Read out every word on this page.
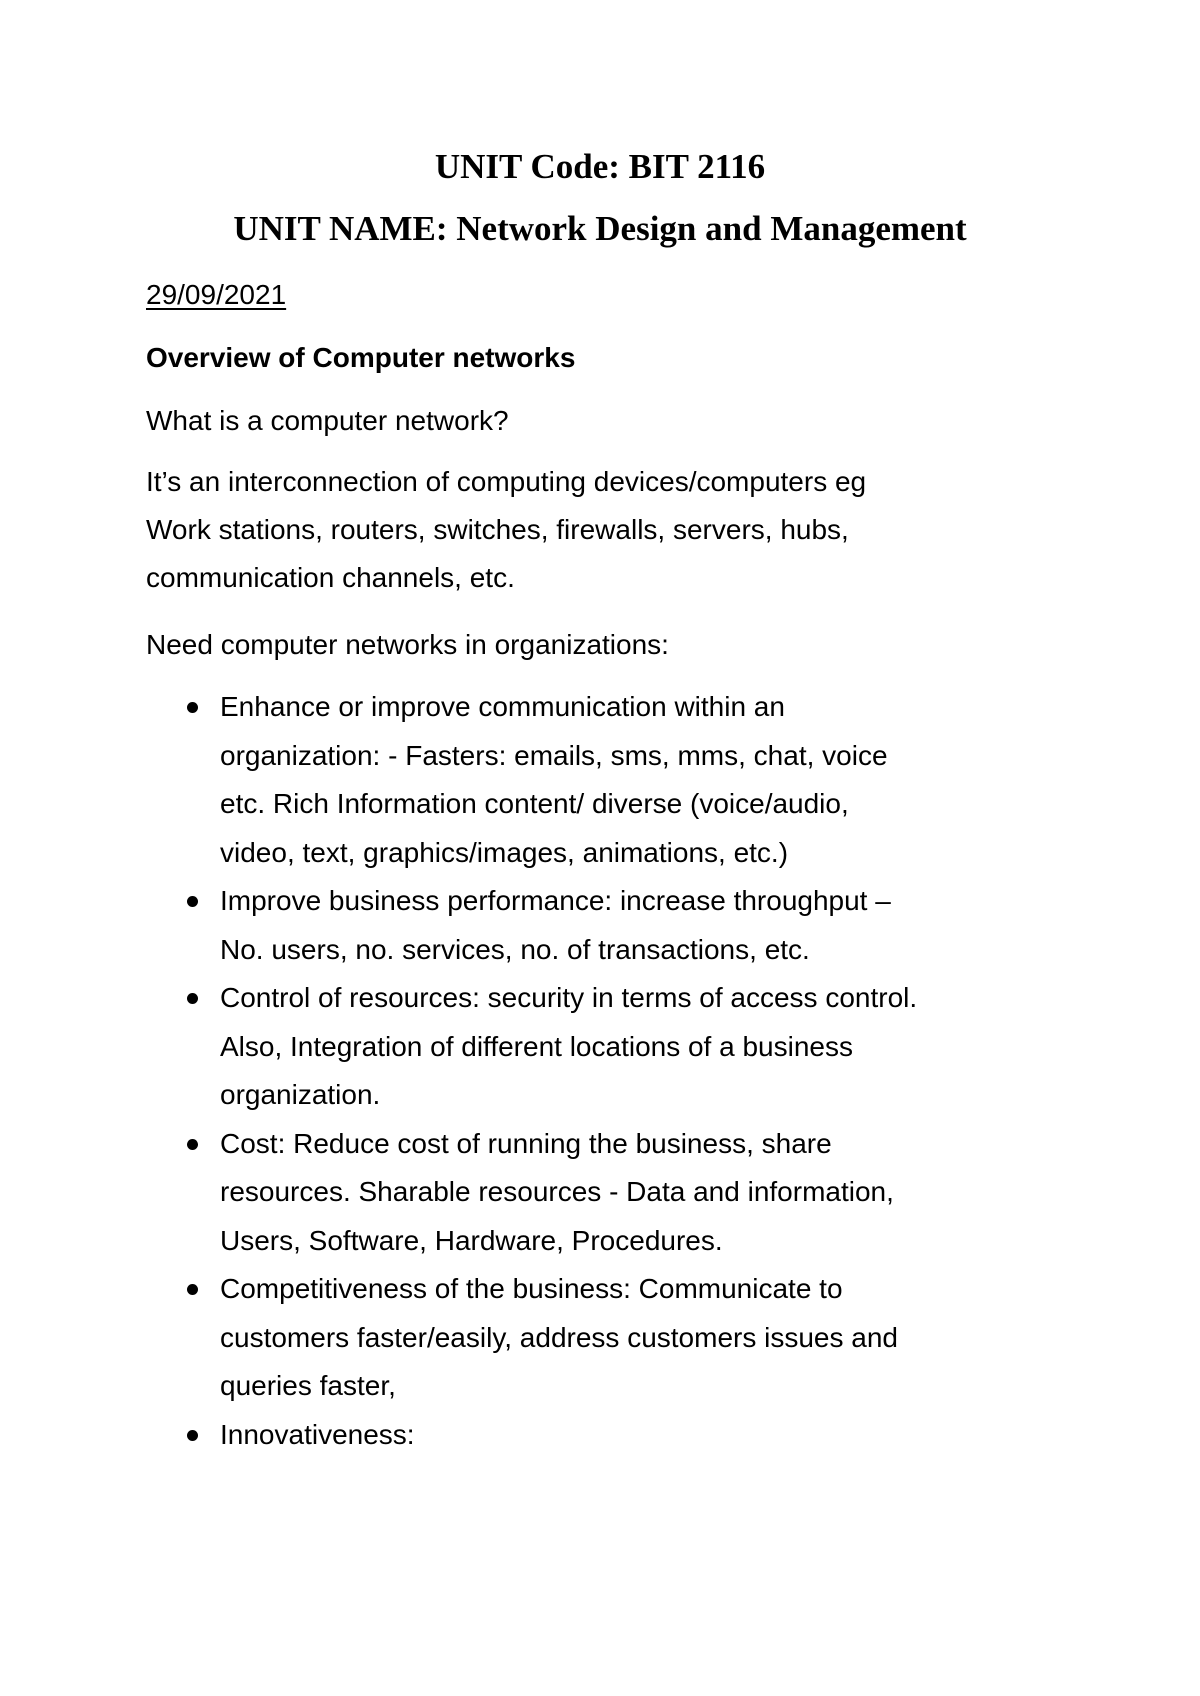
UNIT Code: BIT 2116
UNIT NAME: Network Design and Management
29/09/2021
Overview of Computer networks
What is a computer network?
It’s an interconnection of computing devices/computers eg
Work stations, routers, switches, firewalls, servers, hubs,
communication channels, etc.
Need computer networks in organizations:
Enhance or improve communication within an
organization: - Fasters: emails, sms, mms, chat, voice
etc. Rich Information content/ diverse (voice/audio,
video, text, graphics/images, animations, etc.)
Improve business performance: increase throughput –
No. users, no. services, no. of transactions, etc.
Control of resources: security in terms of access control.
Also, Integration of different locations of a business
organization.
Cost: Reduce cost of running the business, share
resources. Sharable resources - Data and information,
Users, Software, Hardware, Procedures.
Competitiveness of the business: Communicate to
customers faster/easily, address customers issues and
queries faster,
Innovativeness:
